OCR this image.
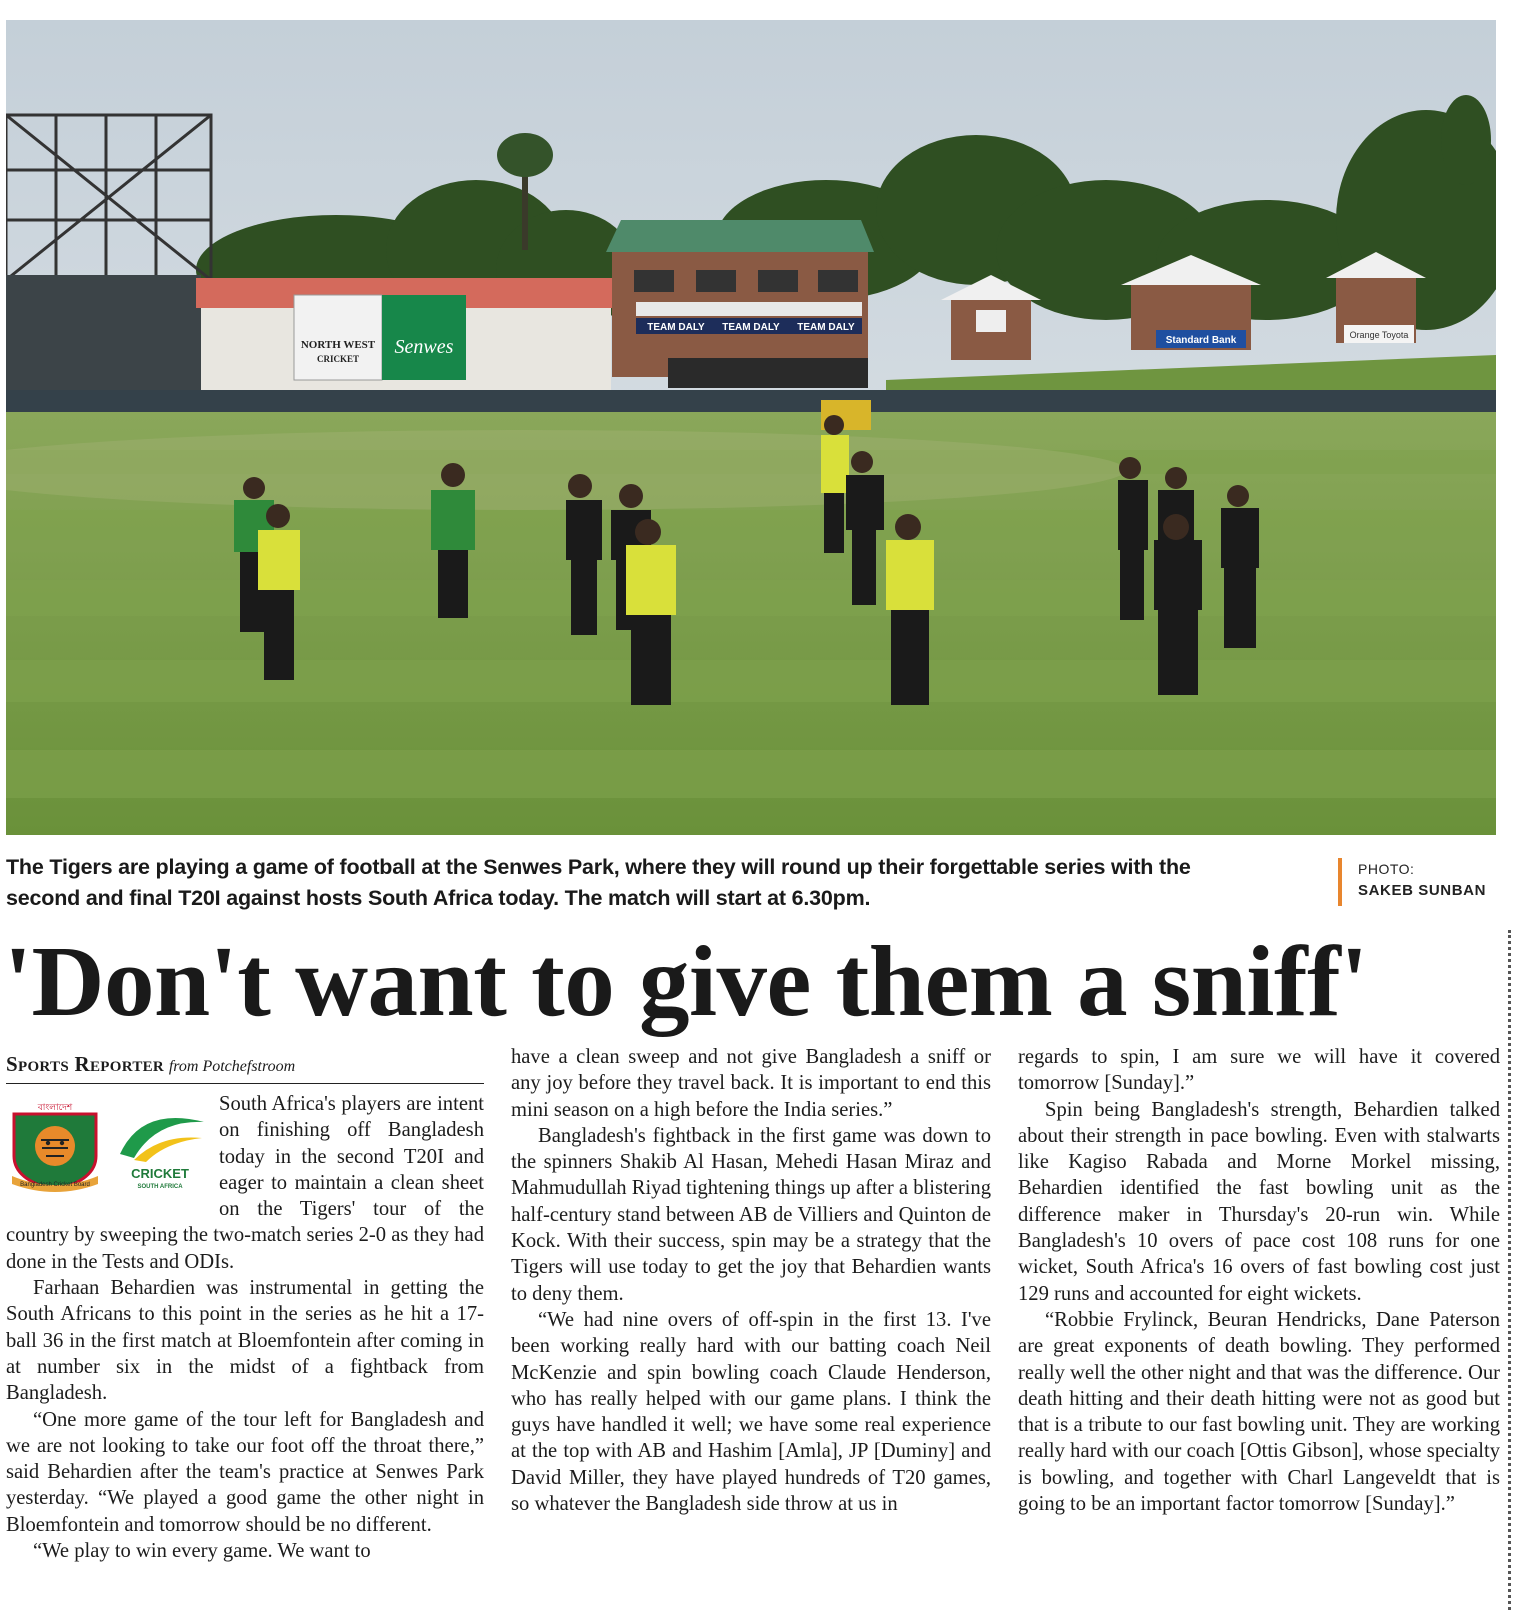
NORTH WEST
CRICKET
Senwes
TEAM DALY TEAM DALY TEAM DALY
Standard Bank	Orange Toyota
The Tigers are playing a game of football at the Senwes Park, where they will round up their forgettable series with the
second and final T20I against hosts South Africa today. The match will start at 6.30pm.
PHOTO:
SAKEB SUNBAN
'Don't want to give them a sniff'
Sports Reporter from Potchefstroom
বাংলাদেশ
Bangladesh Cricket Board
CRICKET
SOUTH AFRICA

South Africa's players are intent on finishing off Bangladesh today in the second T20I and eager to maintain a clean sheet on the Tigers' tour of the country by sweeping the two-match series 2-0 as they had done in the Tests and ODIs.

Farhaan Behardien was instrumental in getting the South Africans to this point in the series as he hit a 17-ball 36 in the first match at Bloemfontein after coming in at number six in the midst of a fightback from Bangladesh.

“One more game of the tour left for Bangladesh and we are not looking to take our foot off the throat there,” said Behardien after the team's practice at Senwes Park yesterday. “We played a good game the other night in Bloemfontein and tomorrow should be no different.

“We play to win every game. We want to

have a clean sweep and not give Bangladesh a sniff or any joy before they travel back. It is important to end this mini season on a high before the India series.”

Bangladesh's fightback in the first game was down to the spinners Shakib Al Hasan, Mehedi Hasan Miraz and Mahmudullah Riyad tightening things up after a blistering half-century stand between AB de Villiers and Quinton de Kock. With their success, spin may be a strategy that the Tigers will use today to get the joy that Behardien wants to deny them.

“We had nine overs of off-spin in the first 13. I've been working really hard with our batting coach Neil McKenzie and spin bowling coach Claude Henderson, who has really helped with our game plans. I think the guys have handled it well; we have some real experience at the top with AB and Hashim [Amla], JP [Duminy] and David Miller, they have played hundreds of T20 games, so whatever the Bangladesh side throw at us in

regards to spin, I am sure we will have it covered tomorrow [Sunday].”

Spin being Bangladesh's strength, Behardien talked about their strength in pace bowling. Even with stalwarts like Kagiso Rabada and Morne Morkel missing, Behardien identified the fast bowling unit as the difference maker in Thursday's 20-run win. While Bangladesh's 10 overs of pace cost 108 runs for one wicket, South Africa's 16 overs of fast bowling cost just 129 runs and accounted for eight wickets.

“Robbie Frylinck, Beuran Hendricks, Dane Paterson are great exponents of death bowling. They performed really well the other night and that was the difference. Our death hitting and their death hitting were not as good but that is a tribute to our fast bowling unit. They are working really hard with our coach [Ottis Gibson], whose specialty is bowling, and together with Charl Langeveldt that is going to be an important factor tomorrow [Sunday].”
